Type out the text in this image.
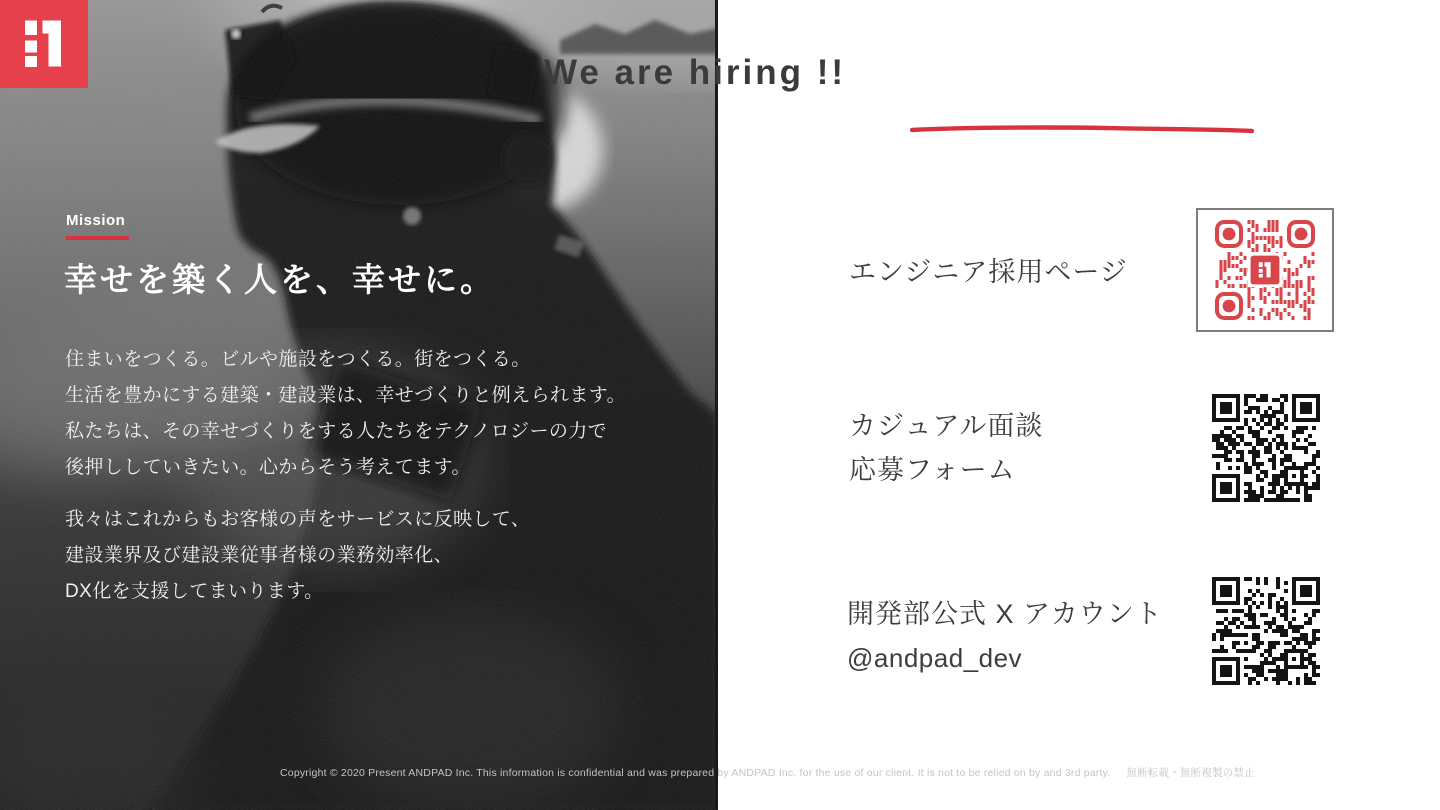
Mission
幸せを築く人を、幸せに。
住まいをつくる。ビルや施設をつくる。街をつくる。
生活を豊かにする建築・建設業は、幸せづくりと例えられます。
私たちは、その幸せづくりをする人たちをテクノロジーの力で
後押ししていきたい。心からそう考えてます。
我々はこれからもお客様の声をサービスに反映して、
建設業界及び建設業従事者様の業務効率化、
DX化を支援してまいります。
We are hiring !!
エンジニア採用ページ
カジュアル面談
応募フォーム
開発部公式 X アカウント
@andpad_dev
Copyright © 2020 Present ANDPAD Inc. This information is confidential and was prepared by ANDPAD Inc. for the use of our client. It is not to be relied on by and 3rd party. 無断転載・無断複製の禁止
